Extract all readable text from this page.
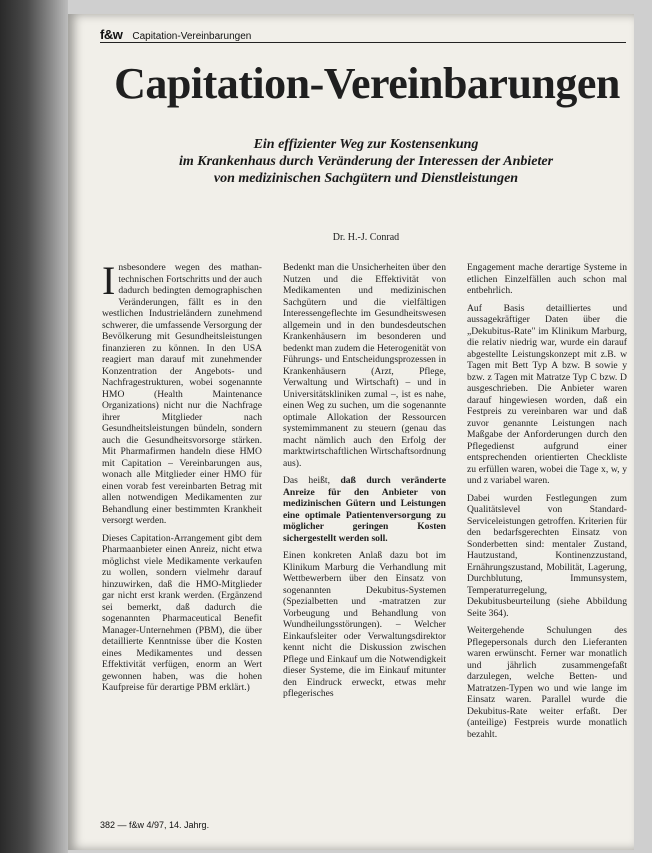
f&w Capitation-Vereinbarungen
Capitation-Vereinbarungen
Ein effizienter Weg zur Kostensenkung
im Krankenhaus durch Veränderung der Interessen der Anbieter
von medizinischen Sachgütern und Dienstleistungen
Dr. H.-J. Conrad

Insbesondere wegen des mathan-technischen Fortschritts und der auch dadurch bedingten demographischen Veränderungen, fällt es in den westlichen Industrieländern zunehmend schwerer, die umfassende Versorgung der Bevölkerung mit Gesundheitsleistungen finanzieren zu können. In den USA reagiert man darauf mit zunehmender Konzentration der Angebots- und Nachfragestrukturen, wobei sogenannte HMO (Health Maintenance Organizations) nicht nur die Nachfrage ihrer Mitglieder nach Gesundheitsleistungen bündeln, sondern auch die Gesundheitsvorsorge stärken. Mit Pharmafirmen handeln diese HMO mit Capitation – Vereinbarungen aus, wonach alle Mitglieder einer HMO für einen vorab fest vereinbarten Betrag mit allen notwendigen Medikamenten zur Behandlung einer bestimmten Krankheit versorgt werden.

Dieses Capitation-Arrangement gibt dem Pharmaanbieter einen Anreiz, nicht etwa möglichst viele Medikamente verkaufen zu wollen, sondern vielmehr darauf hinzuwirken, daß die HMO-Mitglieder gar nicht erst krank werden. (Ergänzend sei bemerkt, daß dadurch die sogenannten Pharmaceutical Benefit Manager-Unternehmen (PBM), die über detaillierte Kenntnisse über die Kosten eines Medikamentes und dessen Effektivität verfügen, enorm an Wert gewonnen haben, was die hohen Kaufpreise für derartige PBM erklärt.)

Bedenkt man die Unsicherheiten über den Nutzen und die Effektivität von Medikamenten und medizinischen Sachgütern und die vielfältigen Interessengeflechte im Gesundheitswesen allgemein und in den bundesdeutschen Krankenhäusern im besonderen und bedenkt man zudem die Heterogenität von Führungs- und Entscheidungsprozessen in Krankenhäusern (Arzt, Pflege, Verwaltung und Wirtschaft) – und in Universitätskliniken zumal –, ist es nahe, einen Weg zu suchen, um die sogenannte optimale Allokation der Ressourcen systemimmanent zu steuern (genau das macht nämlich auch den Erfolg der marktwirtschaftlichen Wirtschaftsordnung aus).

Das heißt, daß durch veränderte Anreize für den Anbieter von medizinischen Gütern und Leistungen eine optimale Patientenversorgung zu möglicher geringen Kosten sichergestellt werden soll.

Einen konkreten Anlaß dazu bot im Klinikum Marburg die Verhandlung mit Wettbewerbern über den Einsatz von sogenannten Dekubitus-Systemen (Spezialbetten und -matratzen zur Vorbeugung und Behandlung von Wundheilungsstörungen). – Welcher Einkaufsleiter oder Verwaltungsdirektor kennt nicht die Diskussion zwischen Pflege und Einkauf um die Notwendigkeit dieser Systeme, die im Einkauf mitunter den Eindruck erweckt, etwas mehr pflegerisches

Engagement mache derartige Systeme in etlichen Einzelfällen auch schon mal entbehrlich.

Auf Basis detailliertes und aussagekräftiger Daten über die „Dekubitus-Rate" im Klinikum Marburg, die relativ niedrig war, wurde ein darauf abgestellte Leistungskonzept mit z.B. w Tagen mit Bett Typ A bzw. B sowie y bzw. z Tagen mit Matratze Typ C bzw. D ausgeschrieben. Die Anbieter waren darauf hingewiesen worden, daß ein Festpreis zu vereinbaren war und daß zuvor genannte Leistungen nach Maßgabe der Anforderungen durch den Pflegedienst aufgrund einer entsprechenden orientierten Checkliste zu erfüllen waren, wobei die Tage x, w, y und z variabel waren.

Dabei wurden Festlegungen zum Qualitätslevel von Standard-Serviceleistungen getroffen. Kriterien für den bedarfsgerechten Einsatz von Sonderbetten sind: mentaler Zustand, Hautzustand, Kontinenzzustand, Ernährungszustand, Mobilität, Lagerung, Durchblutung, Immunsystem, Temperaturregelung, Dekubitusbeurteilung (siehe Abbildung Seite 364).

Weitergehende Schulungen des Pflegepersonals durch den Lieferanten waren erwünscht. Ferner war monatlich und jährlich zusammengefaßt darzulegen, welche Betten- und Matratzen-Typen wo und wie lange im Einsatz waren. Parallel wurde die Dekubitus-Rate weiter erfaßt. Der (anteilige) Festpreis wurde monatlich bezahlt.

382 — f&w 4/97, 14. Jahrg.
